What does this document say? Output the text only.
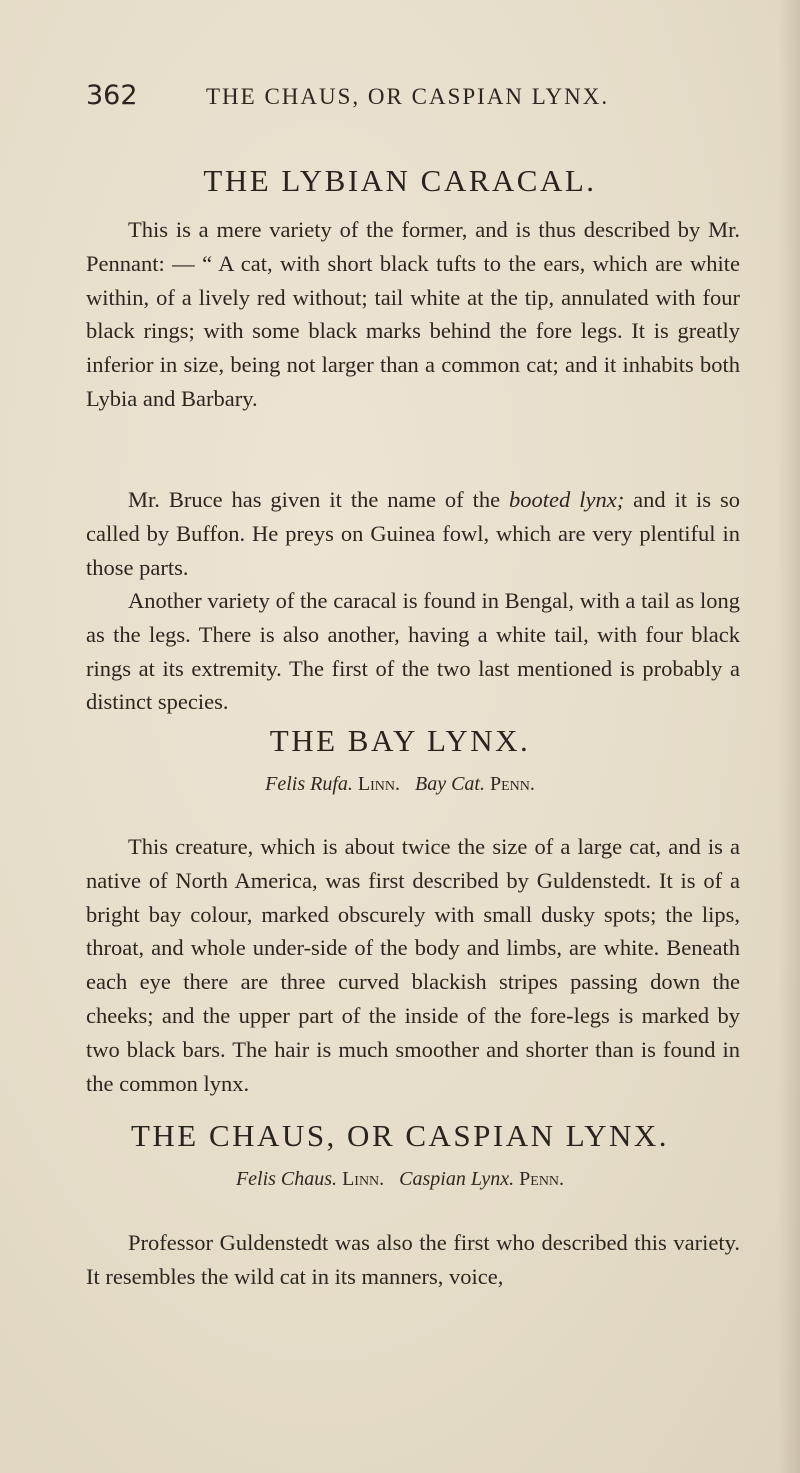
362	THE CHAUS, OR CASPIAN LYNX.
THE LYBIAN CARACAL.

This is a mere variety of the former, and is thus described by Mr. Pennant: — “ A cat, with short black tufts to the ears, which are white within, of a lively red without; tail white at the tip, annulated with four black rings; with some black marks behind the fore legs. It is greatly inferior in size, being not larger than a common cat; and it inhabits both Lybia and Barbary.

Mr. Bruce has given it the name of the booted lynx; and it is so called by Buffon. He preys on Guinea fowl, which are very plentiful in those parts.

Another variety of the caracal is found in Bengal, with a tail as long as the legs. There is also another, having a white tail, with four black rings at its extremity. The first of the two last mentioned is probably a distinct species.

THE BAY LYNX.
Felis Rufa. Linn. Bay Cat. Penn.

This creature, which is about twice the size of a large cat, and is a native of North America, was first described by Guldenstedt. It is of a bright bay colour, marked obscurely with small dusky spots; the lips, throat, and whole under-side of the body and limbs, are white. Beneath each eye there are three curved blackish stripes passing down the cheeks; and the upper part of the inside of the fore-legs is marked by two black bars. The hair is much smoother and shorter than is found in the common lynx.

THE CHAUS, OR CASPIAN LYNX.
Felis Chaus. Linn. Caspian Lynx. Penn.

Professor Guldenstedt was also the first who described this variety. It resembles the wild cat in its manners, voice,
